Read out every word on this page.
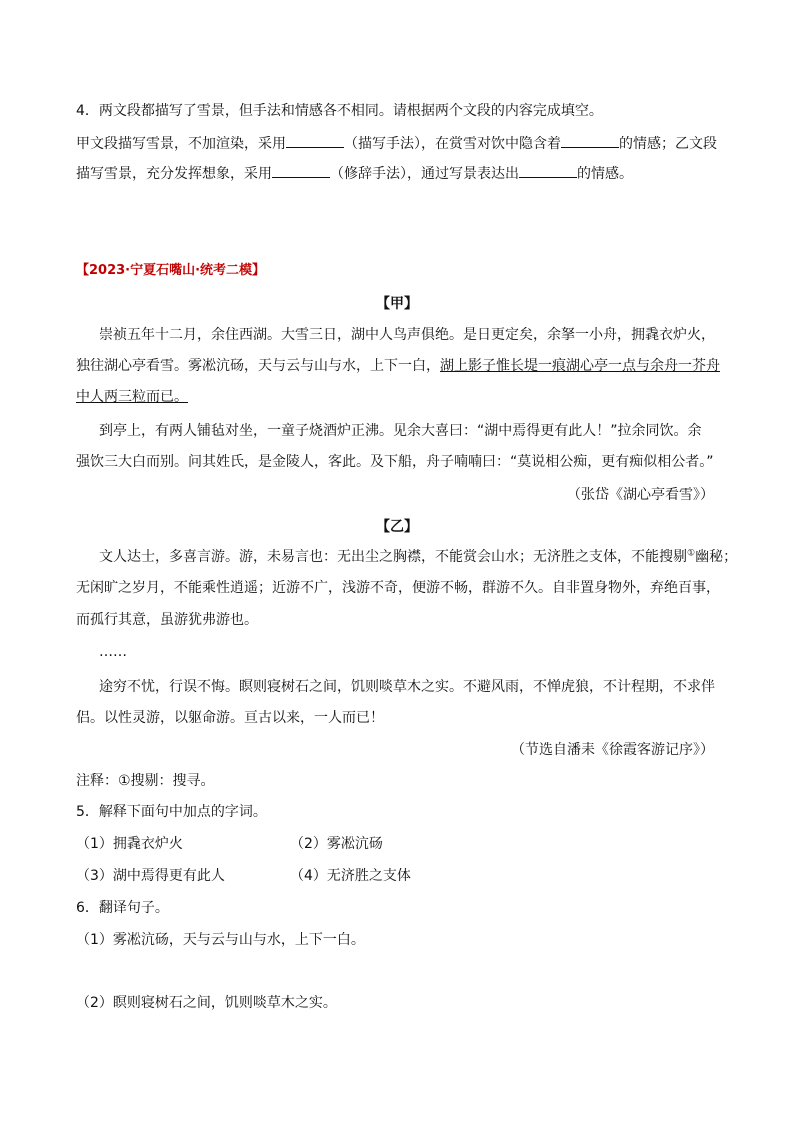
4．两文段都描写了雪景，但手法和情感各不相同。请根据两个文段的内容完成填空。
甲文段描写雪景，不加渲染，采用	（描写手法），在赏雪对饮中隐含着	的情感；乙文段
描写雪景，充分发挥想象，采用	（修辞手法），通过写景表达出	的情感。
【2023·宁夏石嘴山·统考二模】
【甲】
崇祯五年十二月，余住西湖。大雪三日，湖中人鸟声俱绝。是日更定矣，余拏一小舟，拥毳衣炉火，
独往湖心亭看雪。雾凇沆砀，天与云与山与水，上下一白，湖上影子惟长堤一痕湖心亭一点与余舟一芥舟
中人两三粒而已。
到亭上，有两人铺毡对坐，一童子烧酒炉正沸。见余大喜曰：“湖中焉得更有此人！”拉余同饮。余
强饮三大白而别。问其姓氏，是金陵人，客此。及下船，舟子喃喃曰：“莫说相公痴，更有痴似相公者。”
（张岱《湖心亭看雪》）
【乙】
文人达士，多喜言游。游，未易言也：无出尘之胸襟，不能赏会山水；无济胜之支体，不能搜剔①幽秘；
无闲旷之岁月，不能乘性逍遥；近游不广，浅游不奇，便游不畅，群游不久。自非置身物外，弃绝百事，
而孤行其意，虽游犹弗游也。
……
途穷不忧，行误不悔。瞑则寝树石之间，饥则啖草木之实。不避风雨，不惮虎狼，不计程期，不求伴
侣。以性灵游，以躯命游。亘古以来，一人而已！
（节选自潘耒《徐霞客游记序》）
注释：①搜剔：搜寻。
5．解释下面句中加点的字词。
（1）拥毳衣炉火	（2）雾凇沆砀
（3）湖中焉得更有此人	（4）无济胜之支体
6．翻译句子。
（1）雾凇沆砀，天与云与山与水，上下一白。
（2）瞑则寝树石之间，饥则啖草木之实。
